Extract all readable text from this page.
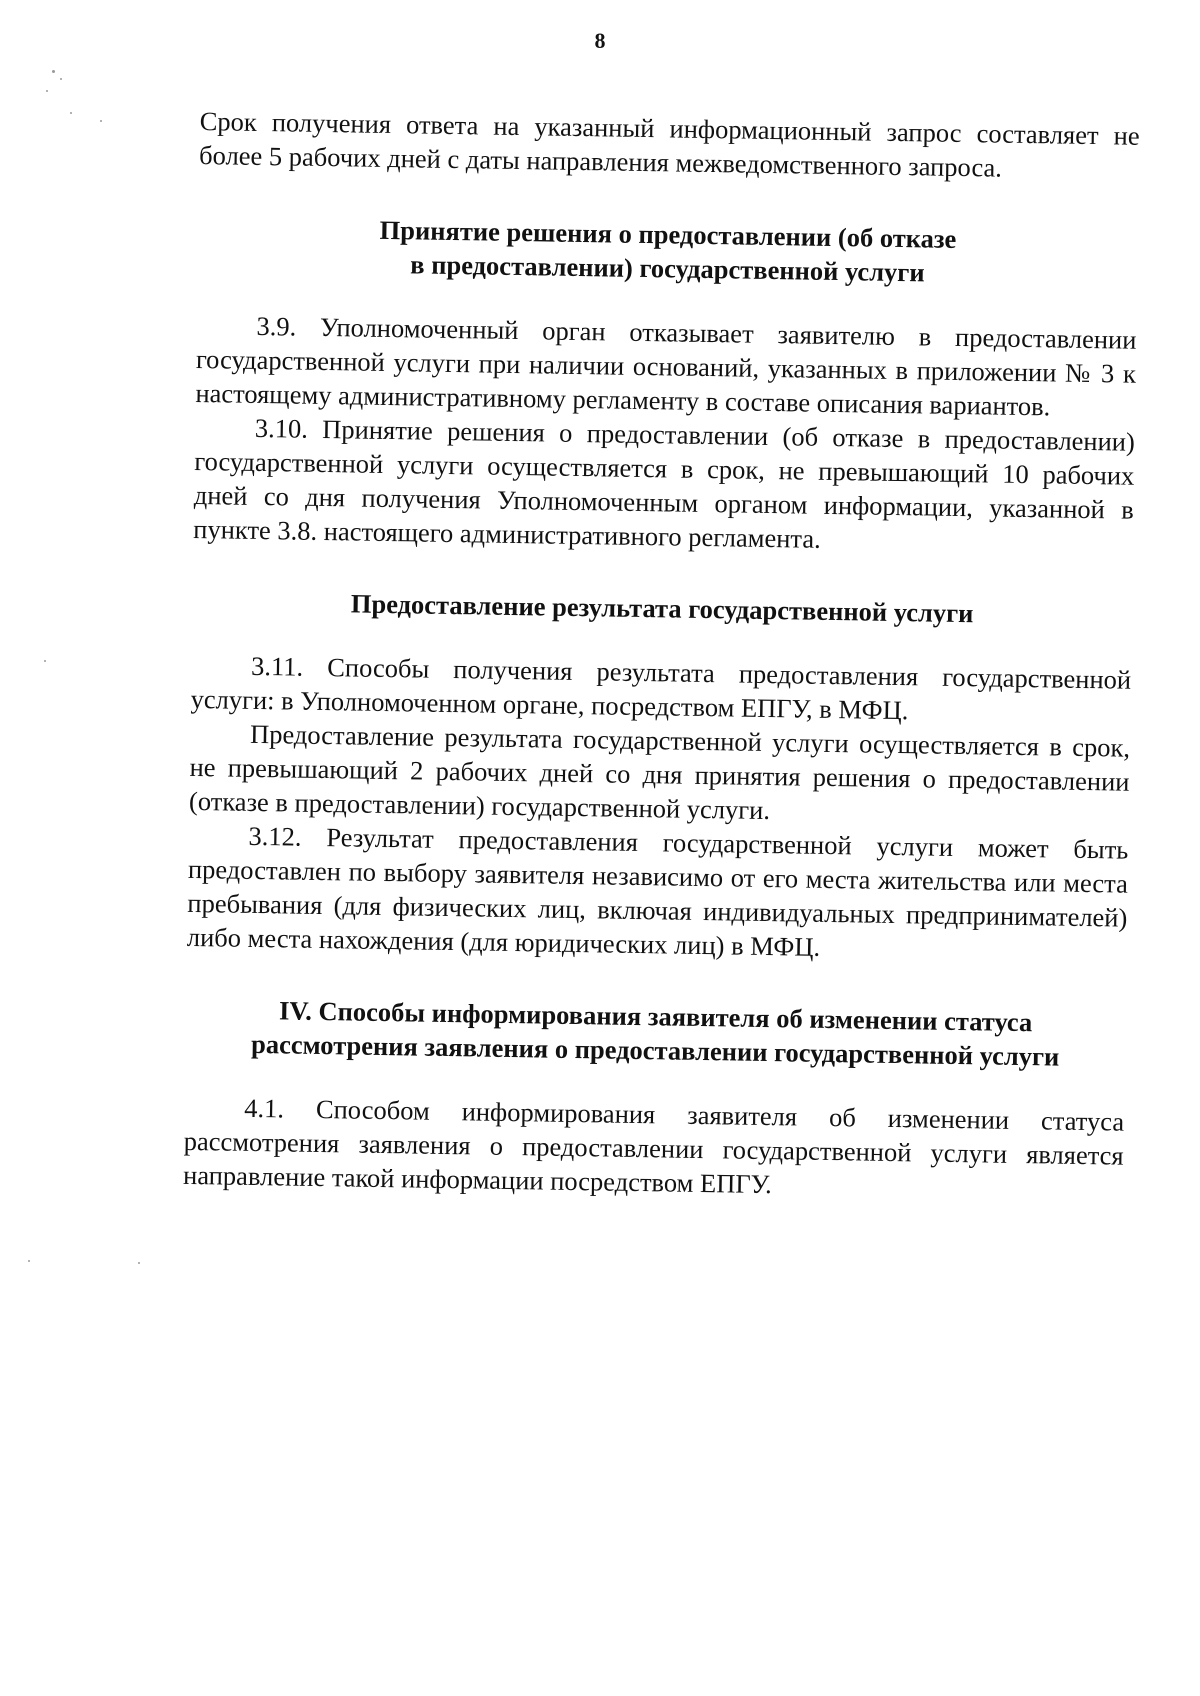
8

Срок получения ответа на указанный информационный запрос составляет не более 5 рабочих дней с даты направления межведомственного запроса.

Принятие решения о предоставлении (об отказе
в предоставлении) государственной услуги

3.9. Уполномоченный орган отказывает заявителю в предоставлении государственной услуги при наличии оснований, указанных в приложении № 3 к настоящему административному регламенту в составе описания вариантов.

3.10. Принятие решения о предоставлении (об отказе в предоставлении) государственной услуги осуществляется в срок, не превышающий 10 рабочих дней со дня получения Уполномоченным органом информации, указанной в пункте 3.8. настоящего административного регламента.

Предоставление результата государственной услуги

3.11. Способы получения результата предоставления государственной услуги: в Уполномоченном органе, посредством ЕПГУ, в МФЦ.

Предоставление результата государственной услуги осуществляется в срок, не превышающий 2 рабочих дней со дня принятия решения о предоставлении (отказе в предоставлении) государственной услуги.

3.12. Результат предоставления государственной услуги может быть предоставлен по выбору заявителя независимо от его места жительства или места пребывания (для физических лиц, включая индивидуальных предпринимателей) либо места нахождения (для юридических лиц) в МФЦ.

IV. Способы информирования заявителя об изменении статуса
рассмотрения заявления о предоставлении государственной услуги

4.1. Способом информирования заявителя об изменении статуса рассмотрения заявления о предоставлении государственной услуги является направление такой информации посредством ЕПГУ.
